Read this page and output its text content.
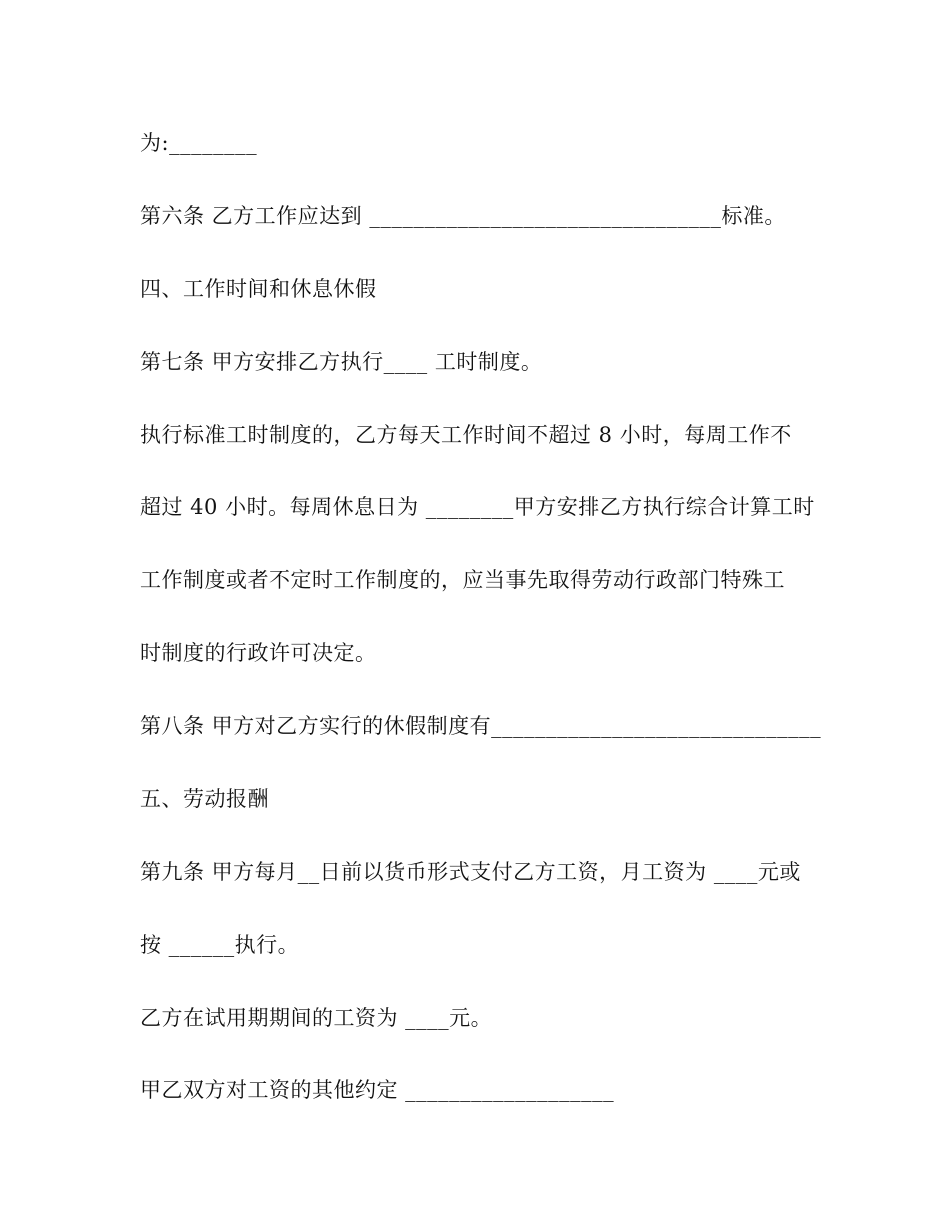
为:________
第六条 乙方工作应达到 ________________________________标准。
四、工作时间和休息休假
第七条 甲方安排乙方执行____ 工时制度。
执行标准工时制度的，乙方每天工作时间不超过 8 小时，每周工作不
超过 40 小时。每周休息日为 ________甲方安排乙方执行综合计算工时
工作制度或者不定时工作制度的，应当事先取得劳动行政部门特殊工
时制度的行政许可决定。
第八条 甲方对乙方实行的休假制度有______________________________
五、劳动报酬
第九条 甲方每月__日前以货币形式支付乙方工资，月工资为 ____元或
按 ______执行。
乙方在试用期期间的工资为 ____元。
甲乙双方对工资的其他约定 ___________________
